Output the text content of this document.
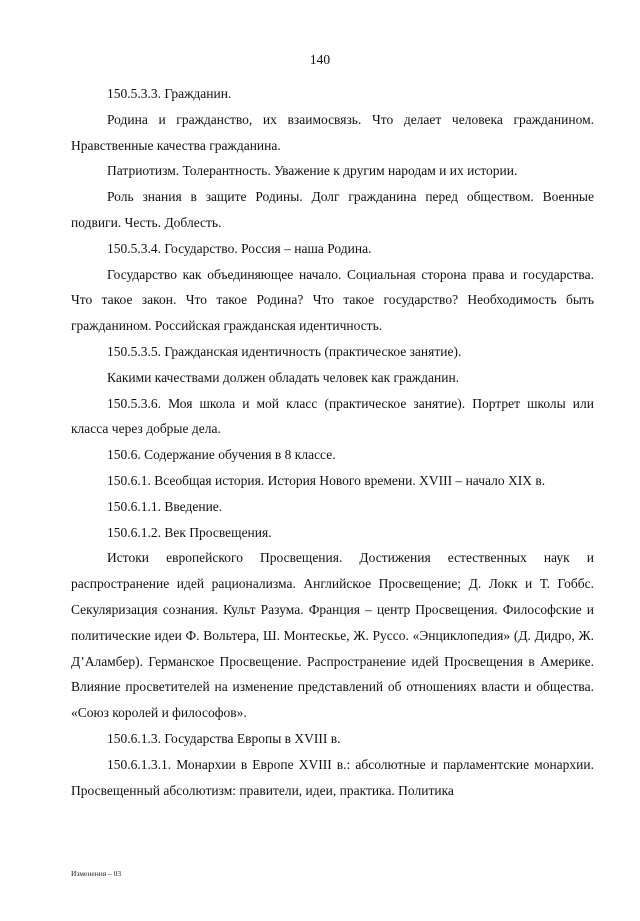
140

150.5.3.3. Гражданин.

Родина и гражданство, их взаимосвязь. Что делает человека гражданином. Нравственные качества гражданина.

Патриотизм. Толерантность. Уважение к другим народам и их истории.

Роль знания в защите Родины. Долг гражданина перед обществом. Военные подвиги. Честь. Доблесть.

150.5.3.4. Государство. Россия – наша Родина.

Государство как объединяющее начало. Социальная сторона права и государства. Что такое закон. Что такое Родина? Что такое государство? Необходимость быть гражданином. Российская гражданская идентичность.

150.5.3.5. Гражданская идентичность (практическое занятие).

Какими качествами должен обладать человек как гражданин.

150.5.3.6. Моя школа и мой класс (практическое занятие). Портрет школы или класса через добрые дела.

150.6. Содержание обучения в 8 классе.

150.6.1. Всеобщая история. История Нового времени. XVIII – начало XIX в.

150.6.1.1. Введение.

150.6.1.2. Век Просвещения.

Истоки европейского Просвещения. Достижения естественных наук и распространение идей рационализма. Английское Просвещение; Д. Локк и Т. Гоббс. Секуляризация сознания. Культ Разума. Франция – центр Просвещения. Философские и политические идеи Ф. Вольтера, Ш. Монтескье, Ж. Руссо. «Энциклопедия» (Д. Дидро, Ж. Д’Аламбер). Германское Просвещение. Распространение идей Просвещения в Америке. Влияние просветителей на изменение представлений об отношениях власти и общества. «Союз королей и философов».

150.6.1.3. Государства Европы в XVIII в.

150.6.1.3.1. Монархии в Европе XVIII в.: абсолютные и парламентские монархии. Просвещенный абсолютизм: правители, идеи, практика. Политика

Изменения – 03
